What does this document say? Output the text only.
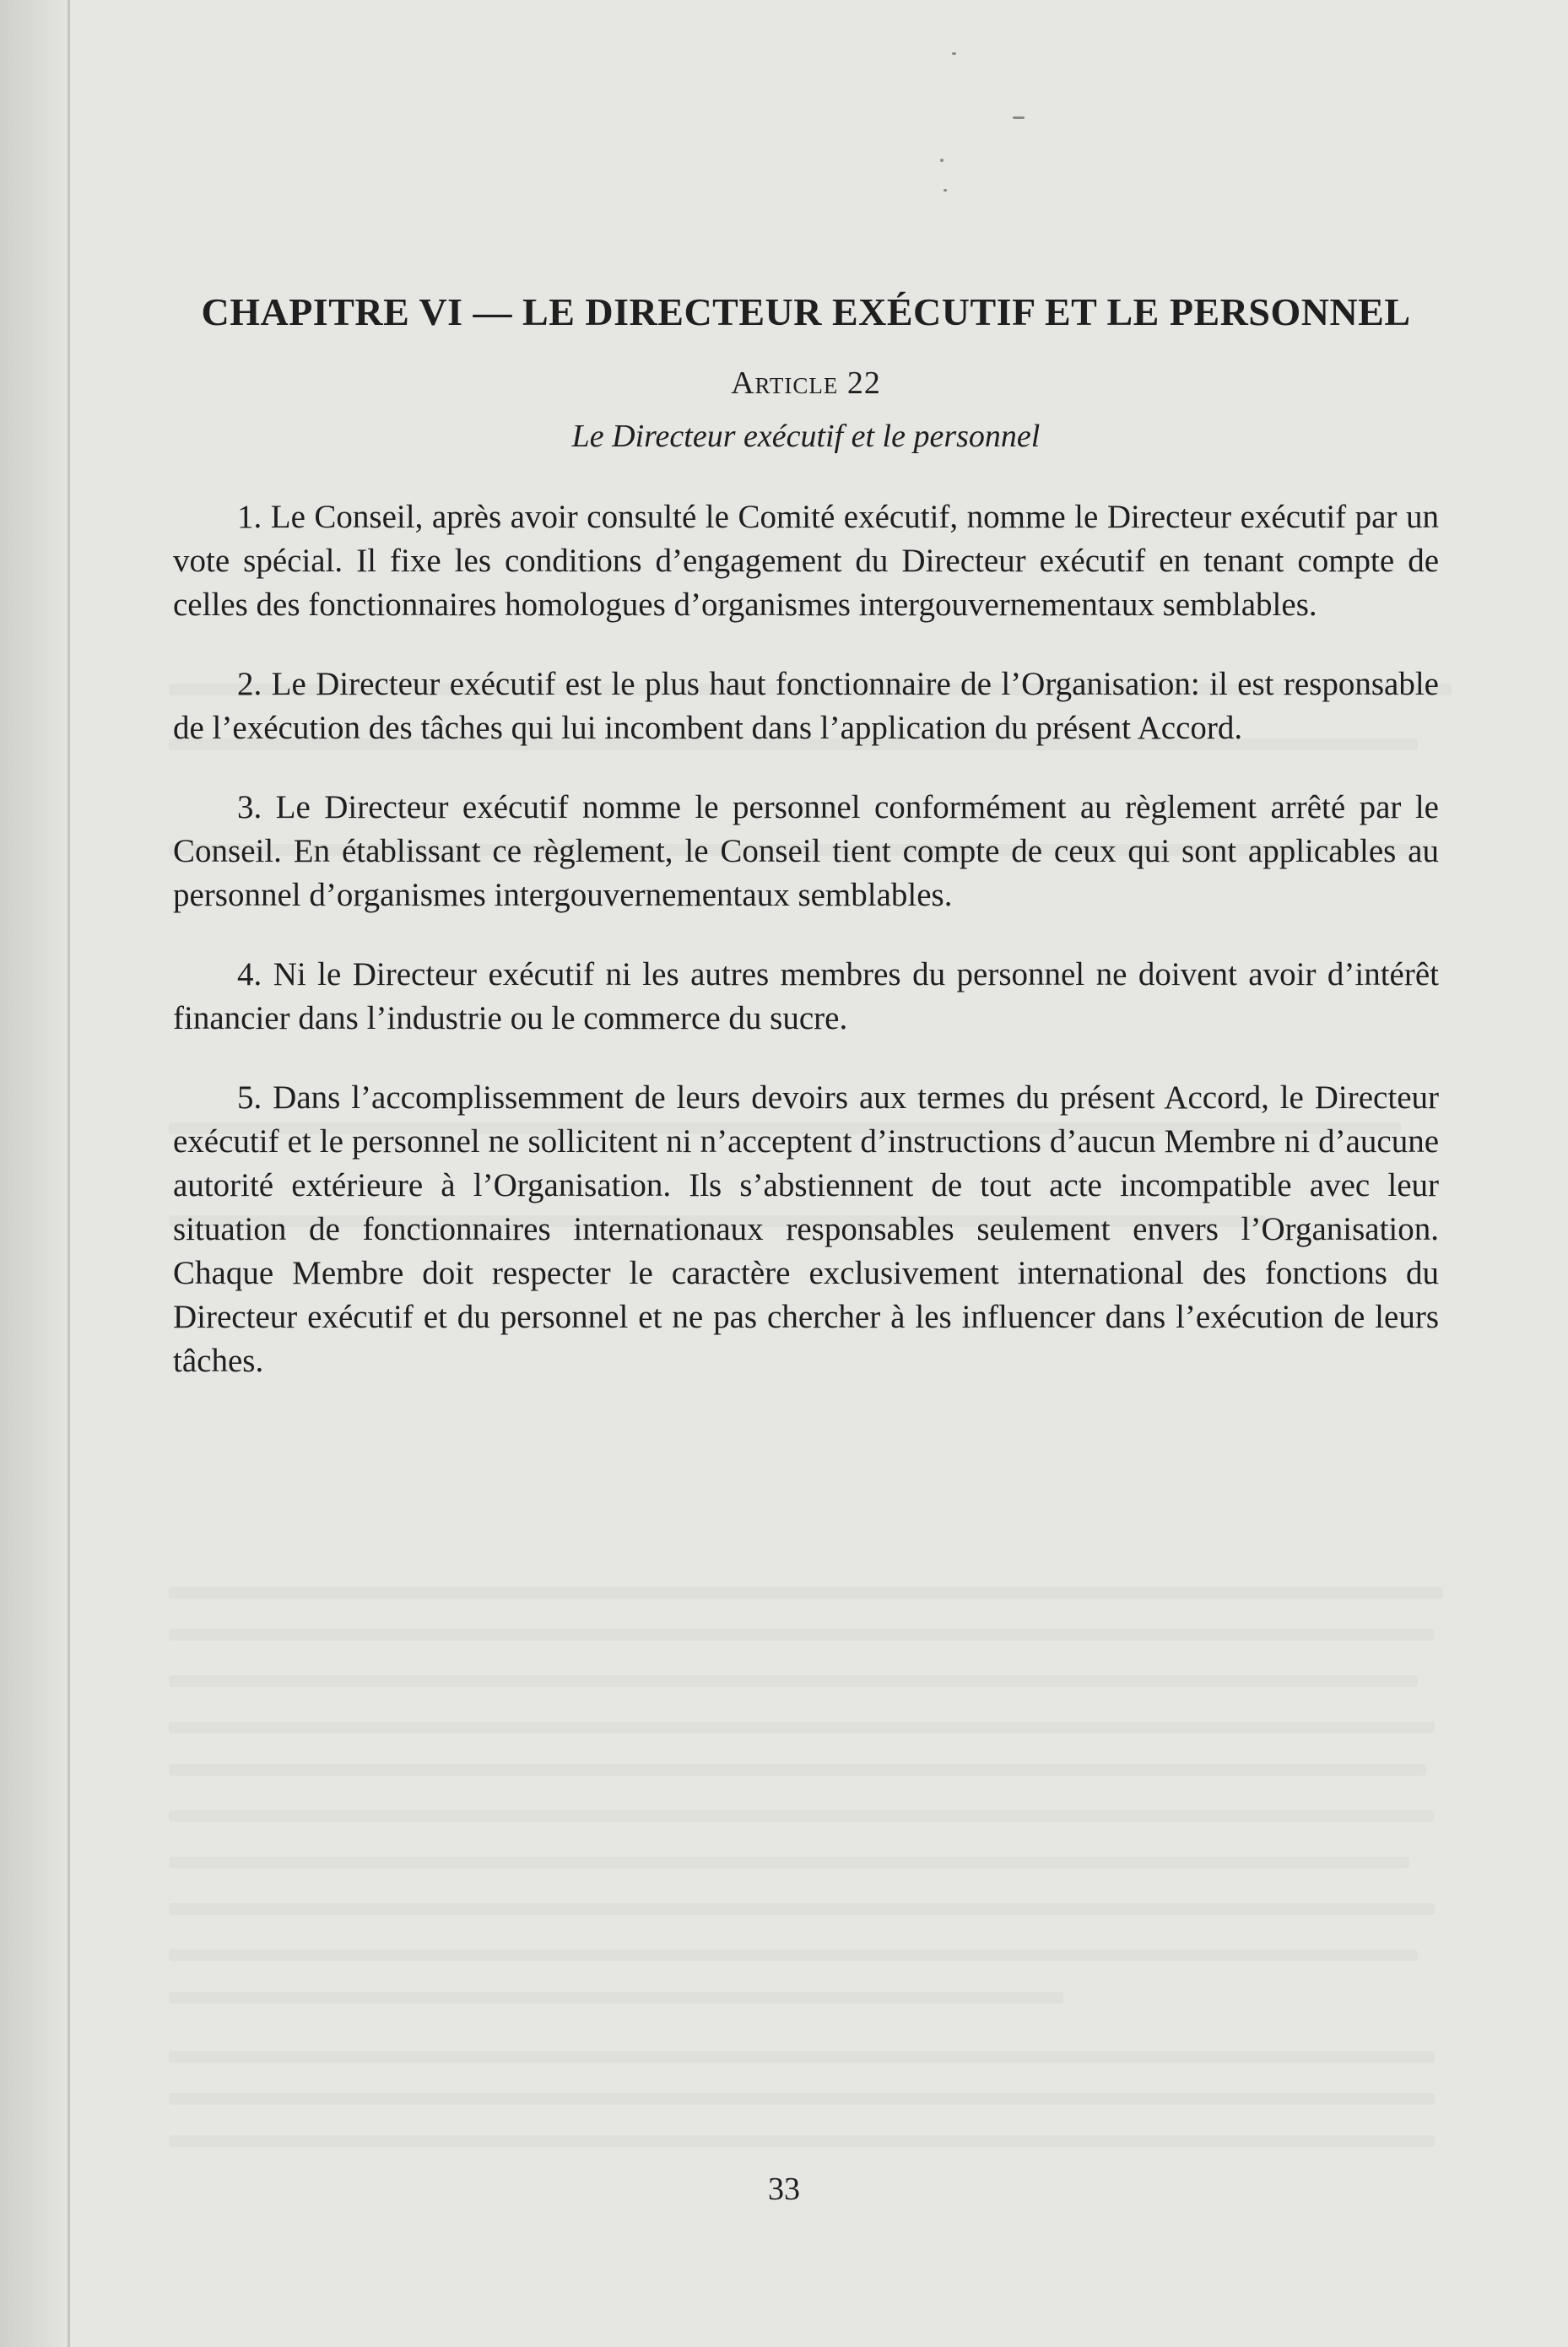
CHAPITRE VI — LE DIRECTEUR EXÉCUTIF ET LE PERSONNEL
Article 22
Le Directeur exécutif et le personnel

1. Le Conseil, après avoir consulté le Comité exécutif, nomme le Directeur exécutif par un vote spécial. Il fixe les conditions d’engagement du Directeur exécutif en tenant compte de celles des fonctionnaires homologues d’organismes intergouvernementaux semblables.

2. Le Directeur exécutif est le plus haut fonctionnaire de l’Organisation: il est responsable de l’exécution des tâches qui lui incombent dans l’application du présent Accord.

3. Le Directeur exécutif nomme le personnel conformément au règlement arrêté par le Conseil. En établissant ce règlement, le Conseil tient compte de ceux qui sont applicables au personnel d’organismes intergouvernementaux semblables.

4. Ni le Directeur exécutif ni les autres membres du personnel ne doivent avoir d’intérêt financier dans l’industrie ou le commerce du sucre.

5. Dans l’accomplissemment de leurs devoirs aux termes du présent Accord, le Directeur exécutif et le personnel ne sollicitent ni n’acceptent d’instructions d’aucun Membre ni d’aucune autorité extérieure à l’Organisation. Ils s’abstiennent de tout acte incompatible avec leur situation de fonctionnaires internationaux responsables seulement envers l’Organisation. Chaque Membre doit respecter le caractère exclusivement international des fonctions du Directeur exécutif et du personnel et ne pas chercher à les influencer dans l’exécution de leurs tâches.

33
